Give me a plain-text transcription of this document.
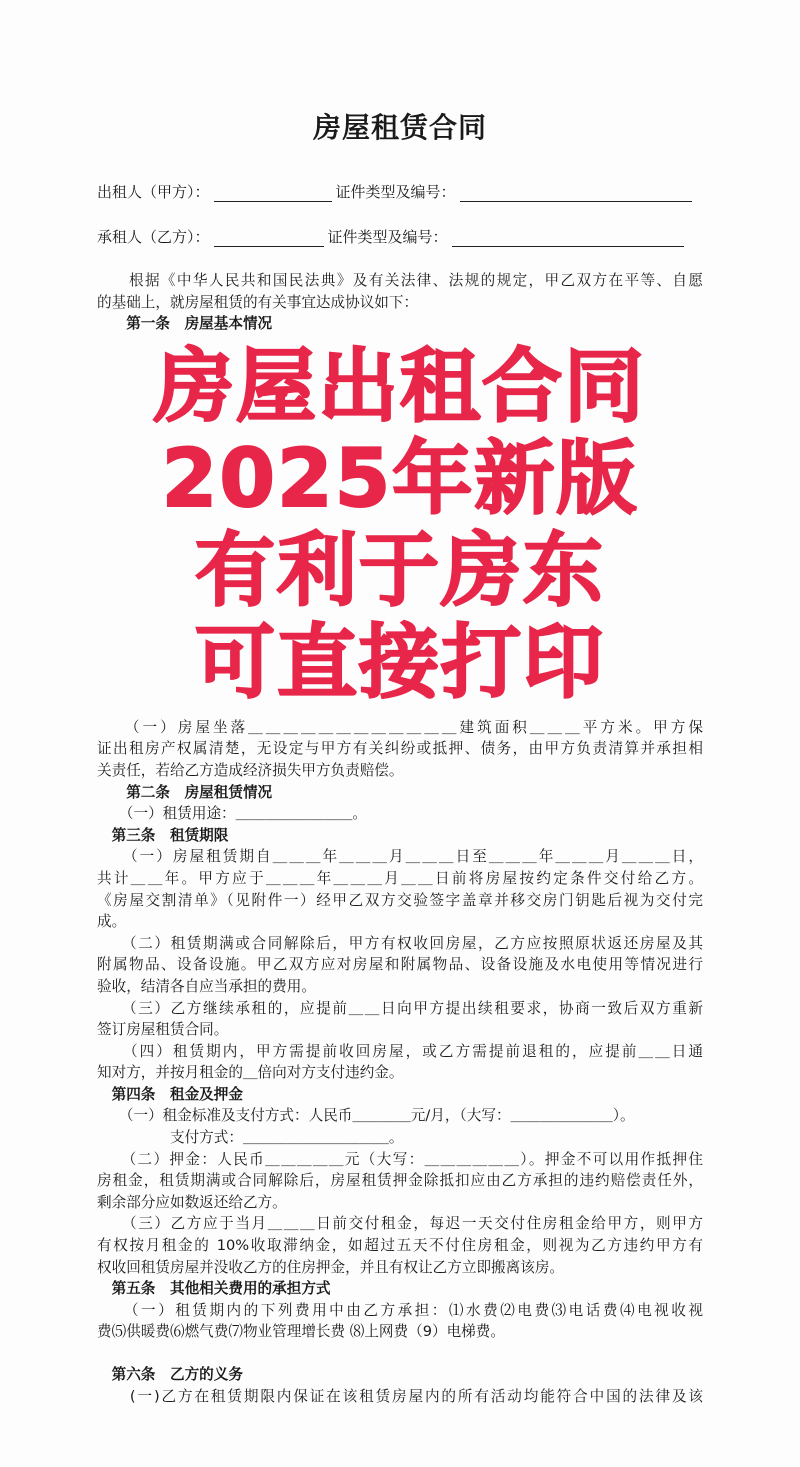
房屋租赁合同
出租人（甲方）：	证件类型及编号：
承租人（乙方）：	证件类型及编号：
　　根据《中华人民共和国民法典》及有关法律、法规的规定，甲乙双方在平等、自愿
的基础上，就房屋租赁的有关事宜达成协议如下：
　　第一条　房屋基本情况
房屋出租合同
2025年新版
有利于房东
可直接打印
　　（一）房屋坐落＿＿＿＿＿＿＿＿＿＿＿＿建筑面积＿＿＿平方米。甲方保
证出租房产权属清楚，无设定与甲方有关纠纷或抵押、债务，由甲方负责清算并承担相
关责任，若给乙方造成经济损失甲方负责赔偿。
　　第二条　房屋租赁情况
　　（一）租赁用途：＿＿＿＿＿＿＿＿。
　第三条　租赁期限
　　（一）房屋租赁期自＿＿＿年＿＿＿月＿＿＿日至＿＿＿年＿＿＿月＿＿＿日，
共计＿＿年。甲方应于＿＿＿年＿＿＿月＿＿日前将房屋按约定条件交付给乙方。
《房屋交割清单》（见附件一）经甲乙双方交验签字盖章并移交房门钥匙后视为交付完
成。
　　（二）租赁期满或合同解除后，甲方有权收回房屋，乙方应按照原状返还房屋及其
附属物品、设备设施。甲乙双方应对房屋和附属物品、设备设施及水电使用等情况进行
验收，结清各自应当承担的费用。
　　（三）乙方继续承租的，应提前＿＿日向甲方提出续租要求，协商一致后双方重新
签订房屋租赁合同。
　　（四）租赁期内，甲方需提前收回房屋，或乙方需提前退租的，应提前＿＿日通
知对方，并按月租金的＿倍向对方支付违约金。
　第四条　租金及押金
　　（一）租金标准及支付方式：人民币＿＿＿＿元/月，（大写：＿＿＿＿＿＿＿）。
　　　　　支付方式：＿＿＿＿＿＿＿＿＿＿。
　　（二）押金：人民币＿＿＿＿＿元（大写：＿＿＿＿＿＿）。押金不可以用作抵押住
房租金，租赁期满或合同解除后，房屋租赁押金除抵扣应由乙方承担的违约赔偿责任外，
剩余部分应如数返还给乙方。
　　（三）乙方应于当月＿＿＿日前交付租金，每迟一天交付住房租金给甲方，则甲方
有权按月租金的 10%收取滞纳金，如超过五天不付住房租金，则视为乙方违约甲方有
权收回租赁房屋并没收乙方的住房押金，并且有权让乙方立即搬离该房。
　第五条　其他相关费用的承担方式
　　（一）租赁期内的下列费用中由乙方承担：⑴水费⑵电费⑶电话费⑷电视收视
费⑸供暖费⑹燃气费⑺物业管理增长费 ⑻上网费（9）电梯费。
　第六条　乙方的义务
　　(一)乙方在租赁期限内保证在该租赁房屋内的所有活动均能符合中国的法律及该
